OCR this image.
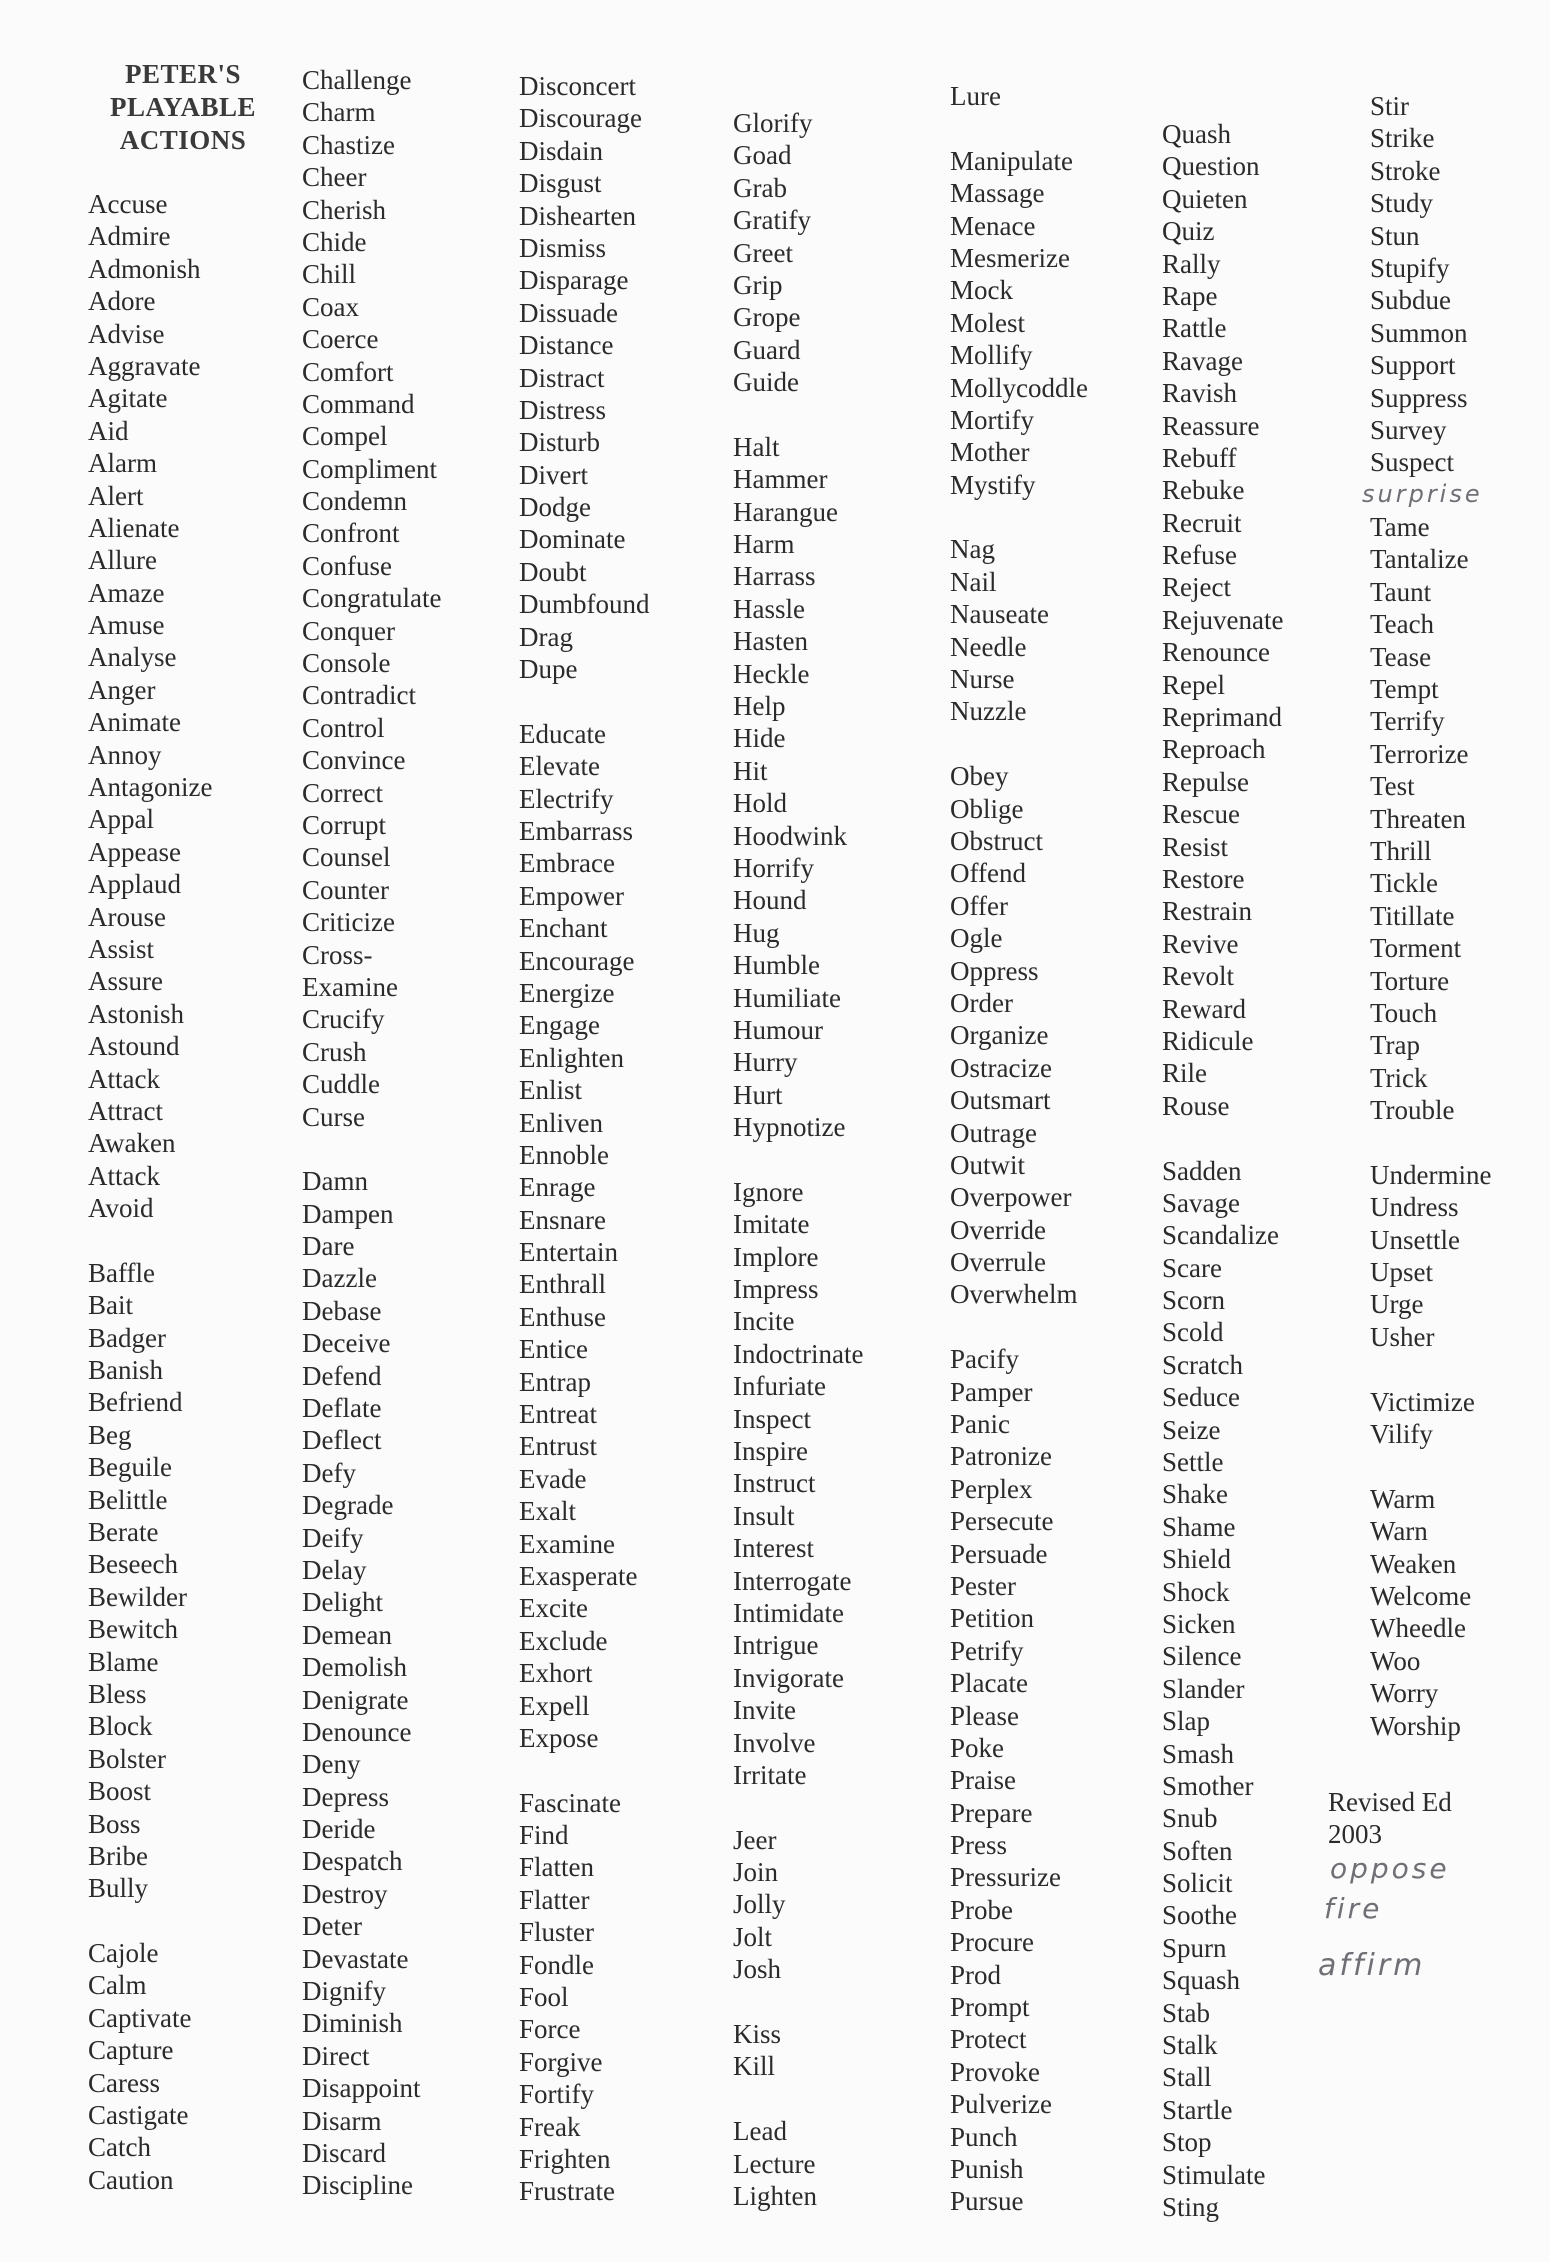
PETER'S
PLAYABLE
ACTIONS
Accuse
Admire
Admonish
Adore
Advise
Aggravate
Agitate
Aid
Alarm
Alert
Alienate
Allure
Amaze
Amuse
Analyse
Anger
Animate
Annoy
Antagonize
Appal
Appease
Applaud
Arouse
Assist
Assure
Astonish
Astound
Attack
Attract
Awaken
Attack
Avoid
Baffle
Bait
Badger
Banish
Befriend
Beg
Beguile
Belittle
Berate
Beseech
Bewilder
Bewitch
Blame
Bless
Block
Bolster
Boost
Boss
Bribe
Bully
Cajole
Calm
Captivate
Capture
Caress
Castigate
Catch
Caution
Challenge
Charm
Chastize
Cheer
Cherish
Chide
Chill
Coax
Coerce
Comfort
Command
Compel
Compliment
Condemn
Confront
Confuse
Congratulate
Conquer
Console
Contradict
Control
Convince
Correct
Corrupt
Counsel
Counter
Criticize
Cross-
Examine
Crucify
Crush
Cuddle
Curse
Damn
Dampen
Dare
Dazzle
Debase
Deceive
Defend
Deflate
Deflect
Defy
Degrade
Deify
Delay
Delight
Demean
Demolish
Denigrate
Denounce
Deny
Depress
Deride
Despatch
Destroy
Deter
Devastate
Dignify
Diminish
Direct
Disappoint
Disarm
Discard
Discipline
Disconcert
Discourage
Disdain
Disgust
Dishearten
Dismiss
Disparage
Dissuade
Distance
Distract
Distress
Disturb
Divert
Dodge
Dominate
Doubt
Dumbfound
Drag
Dupe
Educate
Elevate
Electrify
Embarrass
Embrace
Empower
Enchant
Encourage
Energize
Engage
Enlighten
Enlist
Enliven
Ennoble
Enrage
Ensnare
Entertain
Enthrall
Enthuse
Entice
Entrap
Entreat
Entrust
Evade
Exalt
Examine
Exasperate
Excite
Exclude
Exhort
Expell
Expose
Fascinate
Find
Flatten
Flatter
Fluster
Fondle
Fool
Force
Forgive
Fortify
Freak
Frighten
Frustrate
Glorify
Goad
Grab
Gratify
Greet
Grip
Grope
Guard
Guide
Halt
Hammer
Harangue
Harm
Harrass
Hassle
Hasten
Heckle
Help
Hide
Hit
Hold
Hoodwink
Horrify
Hound
Hug
Humble
Humiliate
Humour
Hurry
Hurt
Hypnotize
Ignore
Imitate
Implore
Impress
Incite
Indoctrinate
Infuriate
Inspect
Inspire
Instruct
Insult
Interest
Interrogate
Intimidate
Intrigue
Invigorate
Invite
Involve
Irritate
Jeer
Join
Jolly
Jolt
Josh
Kiss
Kill
Lead
Lecture
Lighten
Lure
Manipulate
Massage
Menace
Mesmerize
Mock
Molest
Mollify
Mollycoddle
Mortify
Mother
Mystify
Nag
Nail
Nauseate
Needle
Nurse
Nuzzle
Obey
Oblige
Obstruct
Offend
Offer
Ogle
Oppress
Order
Organize
Ostracize
Outsmart
Outrage
Outwit
Overpower
Override
Overrule
Overwhelm
Pacify
Pamper
Panic
Patronize
Perplex
Persecute
Persuade
Pester
Petition
Petrify
Placate
Please
Poke
Praise
Prepare
Press
Pressurize
Probe
Procure
Prod
Prompt
Protect
Provoke
Pulverize
Punch
Punish
Pursue
Quash
Question
Quieten
Quiz
Rally
Rape
Rattle
Ravage
Ravish
Reassure
Rebuff
Rebuke
Recruit
Refuse
Reject
Rejuvenate
Renounce
Repel
Reprimand
Reproach
Repulse
Rescue
Resist
Restore
Restrain
Revive
Revolt
Reward
Ridicule
Rile
Rouse
Sadden
Savage
Scandalize
Scare
Scorn
Scold
Scratch
Seduce
Seize
Settle
Shake
Shame
Shield
Shock
Sicken
Silence
Slander
Slap
Smash
Smother
Snub
Soften
Solicit
Soothe
Spurn
Squash
Stab
Stalk
Stall
Startle
Stop
Stimulate
Sting
Stir
Strike
Stroke
Study
Stun
Stupify
Subdue
Summon
Support
Suppress
Survey
Suspect
Tame
Tantalize
Taunt
Teach
Tease
Tempt
Terrify
Terrorize
Test
Threaten
Thrill
Tickle
Titillate
Torment
Torture
Touch
Trap
Trick
Trouble
Undermine
Undress
Unsettle
Upset
Urge
Usher
Victimize
Vilify
Warm
Warn
Weaken
Welcome
Wheedle
Woo
Worry
Worship
Revised Ed
2003
surprise
oppose
fire
affirm
